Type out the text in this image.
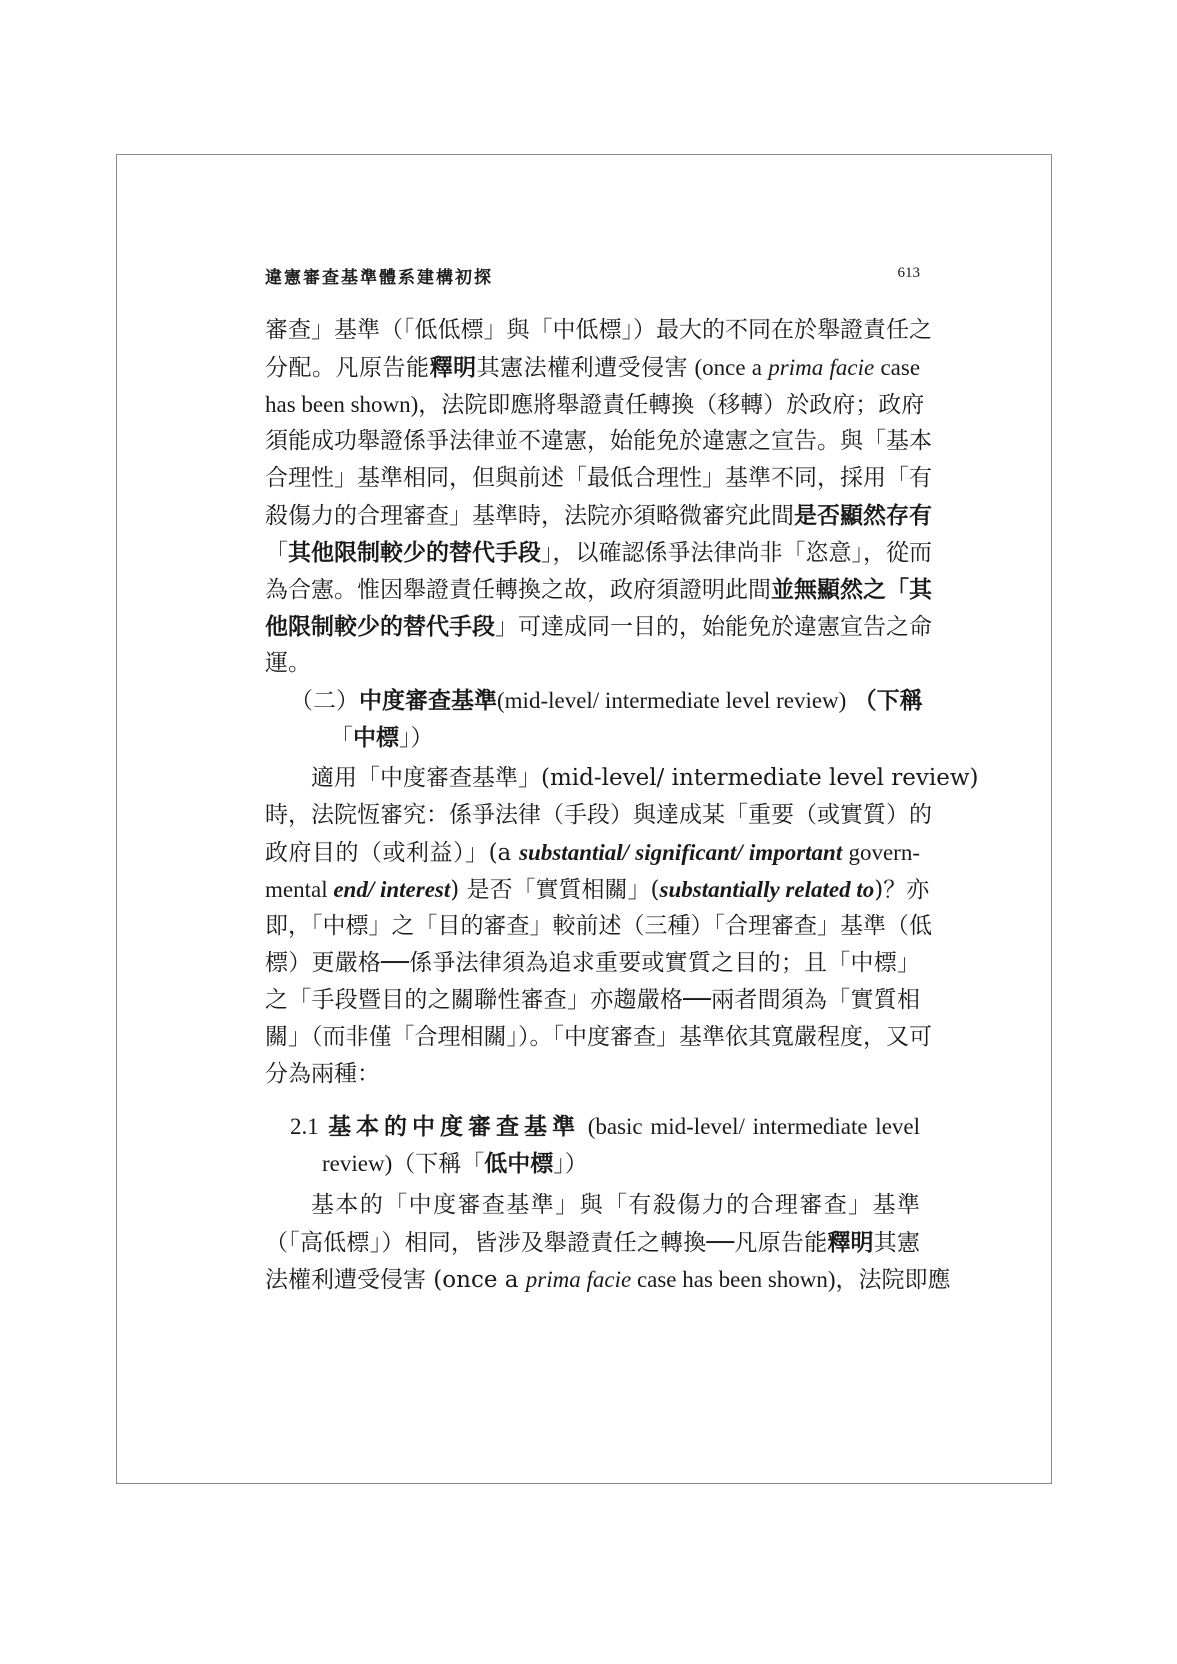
違憲審查基準體系建構初探	613
審查」基準（「低低標」與「中低標」）最大的不同在於舉證責任之
分配。凡原告能釋明其憲法權利遭受侵害 (once a prima facie case
has been shown)，法院即應將舉證責任轉換（移轉）於政府；政府
須能成功舉證係爭法律並不違憲，始能免於違憲之宣告。與「基本
合理性」基準相同，但與前述「最低合理性」基準不同，採用「有
殺傷力的合理審查」基準時，法院亦須略微審究此間是否顯然存有
「其他限制較少的替代手段」，以確認係爭法律尚非「恣意」，從而
為合憲。惟因舉證責任轉換之故，政府須證明此間並無顯然之「其
他限制較少的替代手段」可達成同一目的，始能免於違憲宣告之命
運。
（二）中度審查基準(mid-level/ intermediate level review) （下稱
「中標」）
適用「中度審查基準」(mid-level/ intermediate level review)
時，法院恆審究：係爭法律（手段）與達成某「重要（或實質）的
政府目的（或利益）」(a substantial/ significant/ important govern-
mental end/ interest) 是否「實質相關」(substantially related to)？亦
即，「中標」之「目的審查」較前述（三種）「合理審查」基準（低
標）更嚴格──係爭法律須為追求重要或實質之目的；且「中標」
之「手段暨目的之關聯性審查」亦趨嚴格──兩者間須為「實質相
關」（而非僅「合理相關」）。「中度審查」基準依其寬嚴程度，又可
分為兩種：
2.1 基本的中度審查基準 (basic mid-level/ intermediate level
review)（下稱「低中標」）
基本的「中度審查基準」與「有殺傷力的合理審查」基準
（「高低標」）相同，皆涉及舉證責任之轉換──凡原告能釋明其憲
法權利遭受侵害 (once a prima facie case has been shown)，法院即應
